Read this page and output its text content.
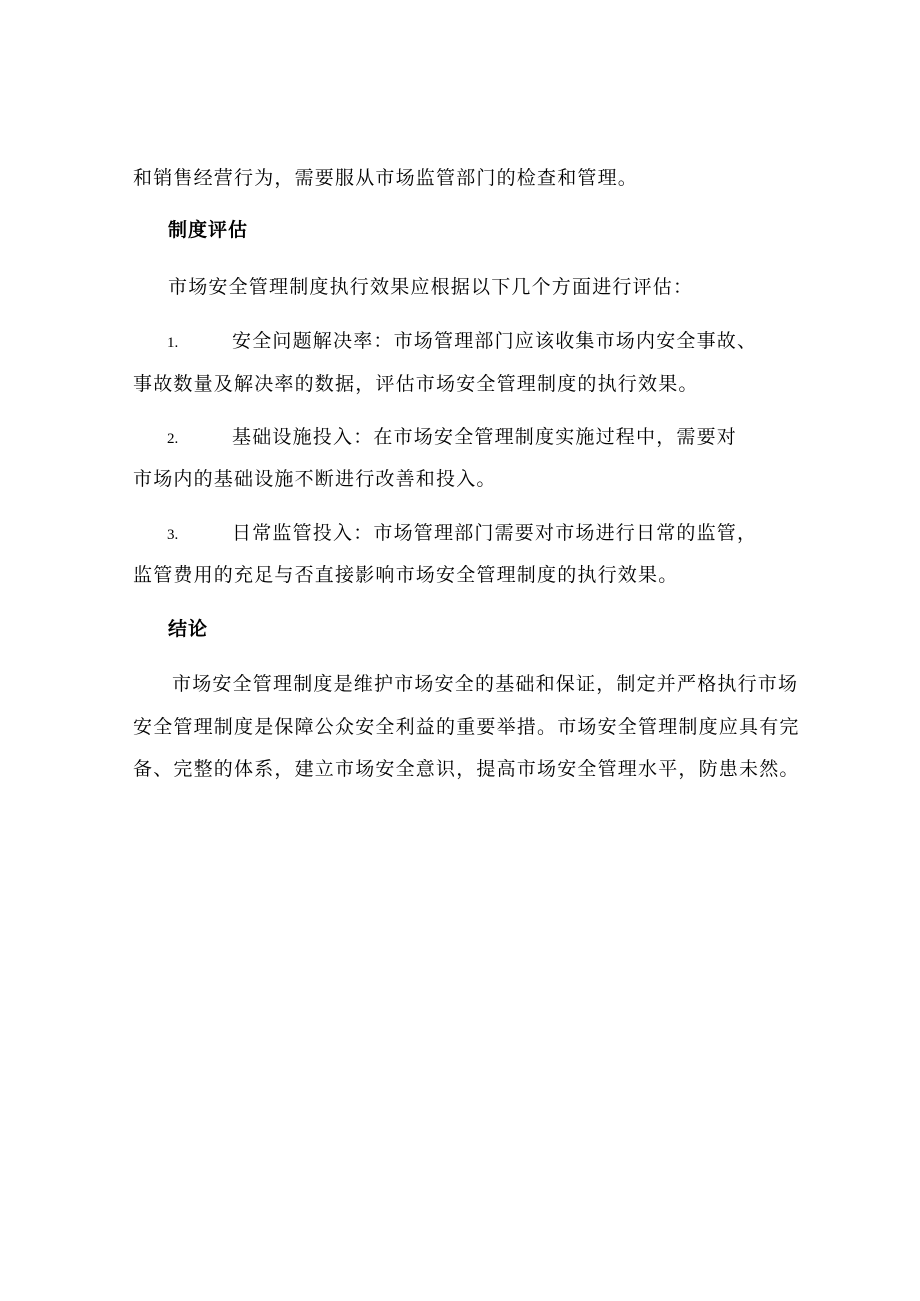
和销售经营行为，需要服从市场监管部门的检查和管理。
制度评估
市场安全管理制度执行效果应根据以下几个方面进行评估：
1.	安全问题解决率：市场管理部门应该收集市场内安全事故、
事故数量及解决率的数据，评估市场安全管理制度的执行效果。
2.	基础设施投入：在市场安全管理制度实施过程中，需要对
市场内的基础设施不断进行改善和投入。
3.	日常监管投入：市场管理部门需要对市场进行日常的监管，
监管费用的充足与否直接影响市场安全管理制度的执行效果。
结论
市场安全管理制度是维护市场安全的基础和保证，制定并严格执行市场
安全管理制度是保障公众安全利益的重要举措。市场安全管理制度应具有完
备、完整的体系，建立市场安全意识，提高市场安全管理水平，防患未然。
